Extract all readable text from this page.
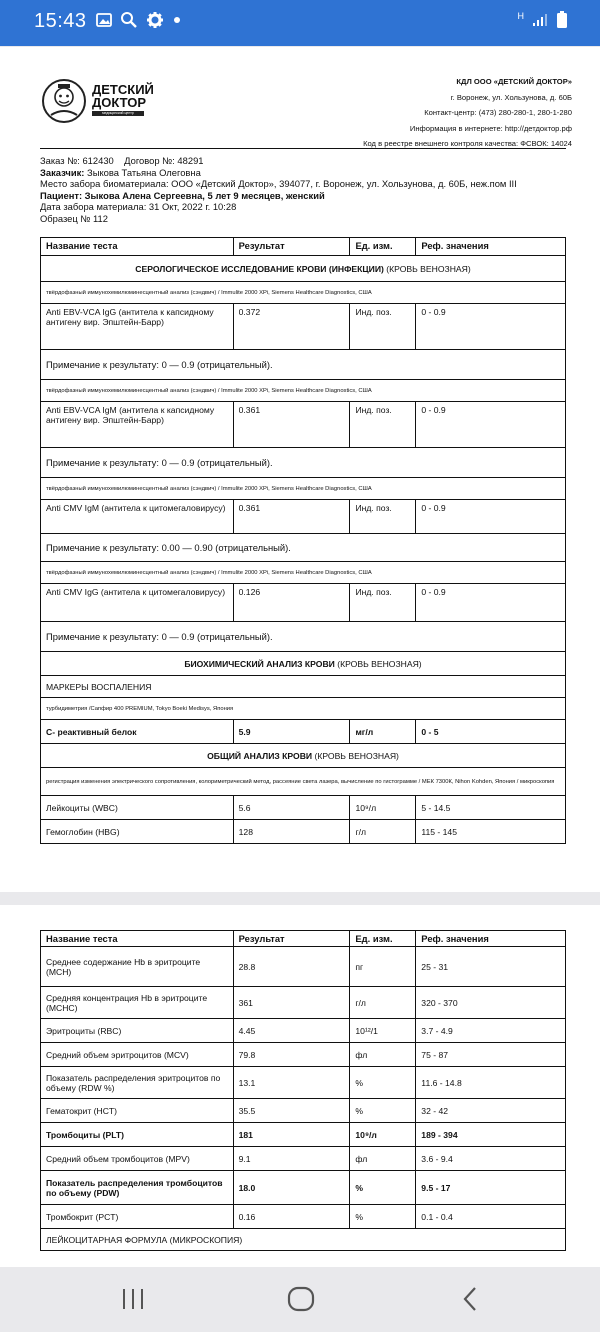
15:43	H
ДЕТСКИЙ
ДОКТОР
медицинский центр
КДЛ ООО «ДЕТСКИЙ ДОКТОР»
г. Воронеж, ул. Хользунова, д. 60Б
Контакт-центр: (473) 280-280-1, 280-1-280
Информация в интернете: http://детдоктор.рф
Код в реестре внешнего контроля качества: ФСВОК: 14024
Заказ №: 612430    Договор №: 48291
Заказчик: Зыкова Татьяна Олеговна
Место забора биоматериала: ООО «Детский Доктор», 394077, г. Воронеж, ул. Хользунова, д. 60Б, неж.пом III
Пациент: Зыкова Алена Сергеевна, 5 лет 9 месяцев, женский
Дата забора материала: 31 Окт, 2022 г. 10:28
Образец № 112
Название теста	Результат	Ед. изм.	Реф. значения
СЕРОЛОГИЧЕСКОЕ ИССЛЕДОВАНИЕ КРОВИ (ИНФЕКЦИИ) (КРОВЬ ВЕНОЗНАЯ)			
твёрдофазный иммунохемилюминесцентный анализ (сэндвич) / Immulite 2000 XPi, Siemens Healthcare Diagnostics, США			
Anti EBV-VCA IgG (антитела к капсидному антигену вир. Эпштейн-Барр)	0.372	Инд. поз.	0 - 0.9
Примечание к результату: 0 — 0.9 (отрицательный).			
твёрдофазный иммунохемилюминесцентный анализ (сэндвич) / Immulite 2000 XPi, Siemens Healthcare Diagnostics, США			
Anti EBV-VCA IgM (антитела к капсидному антигену вир. Эпштейн-Барр)	0.361	Инд. поз.	0 - 0.9
Примечание к результату: 0 — 0.9 (отрицательный).			
твёрдофазный иммунохемилюминесцентный анализ (сэндвич) / Immulite 2000 XPi, Siemens Healthcare Diagnostics, США			
Anti CMV IgM (антитела к цитомегаловирусу)	0.361	Инд. поз.	0 - 0.9
Примечание к результату: 0.00 — 0.90 (отрицательный).			
твёрдофазный иммунохемилюминесцентный анализ (сэндвич) / Immulite 2000 XPi, Siemens Healthcare Diagnostics, США			
Anti CMV IgG (антитела к цитомегаловирусу)	0.126	Инд. поз.	0 - 0.9
Примечание к результату: 0 — 0.9 (отрицательный).			
БИОХИМИЧЕСКИЙ АНАЛИЗ КРОВИ (КРОВЬ ВЕНОЗНАЯ)			
МАРКЕРЫ ВОСПАЛЕНИЯ			
турбидиметрия /Сапфир 400 PREMIUM, Tokyo Boeki Medisys, Япония			
С- реактивный белок	5.9	мг/л	0 - 5
ОБЩИЙ АНАЛИЗ КРОВИ (КРОВЬ ВЕНОЗНАЯ)			
регистрация изменения электрического сопротивления, колориметрический метод, рассеяние света лазера, вычисление по гистограмме / МЕК 7300К, Nihon Kohden, Япония / микроскопия			
Лейкоциты (WBC)	5.6	10⁹/л	5 - 14.5
Гемоглобин (HBG)	128	г/л	115 - 145
Название теста	Результат	Ед. изм.	Реф. значения
Среднее содержание Hb в эритроците (MCH)	28.8	пг	25 - 31
Средняя концентрация Hb в эритроците (MCHC)	361	г/л	320 - 370
Эритроциты (RBC)	4.45	10¹²/1	3.7 - 4.9
Средний объем эритроцитов (MCV)	79.8	фл	75 - 87
Показатель распределения эритроцитов по объему (RDW %)	13.1	%	11.6 - 14.8
Гематокрит (HCT)	35.5	%	32 - 42
Тромбоциты (PLT)	181	10⁹/л	189 - 394
Средний объем тромбоцитов (MPV)	9.1	фл	3.6 - 9.4
Показатель распределения тромбоцитов по объему (PDW)	18.0	%	9.5 - 17
Тромбокрит (PCT)	0.16	%	0.1 - 0.4
ЛЕЙКОЦИТАРНАЯ ФОРМУЛА (МИКРОСКОПИЯ)			
